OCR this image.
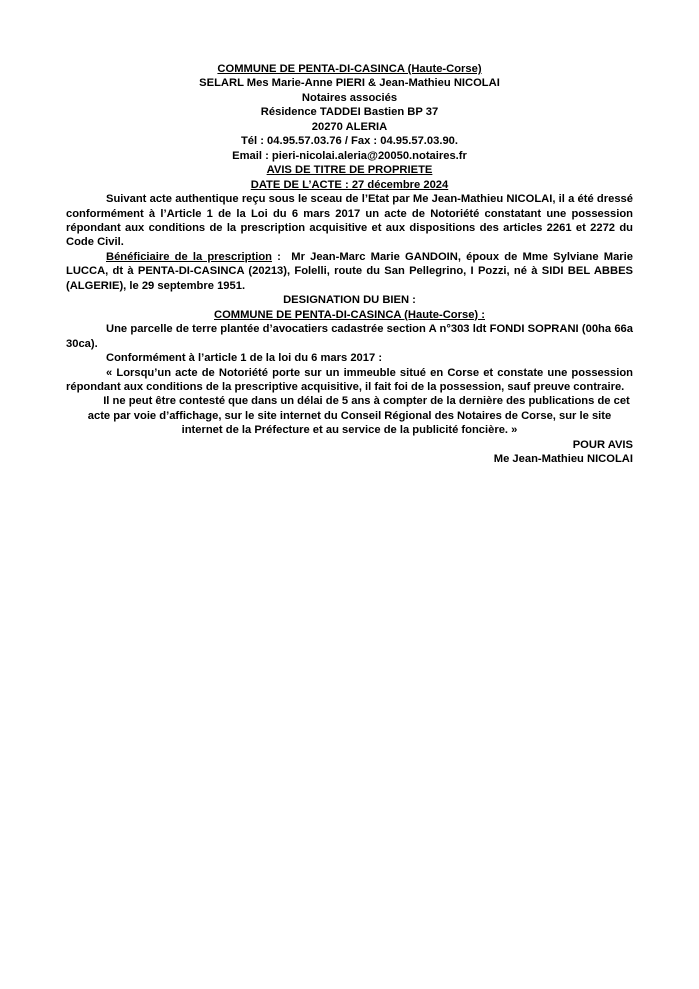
COMMUNE DE PENTA-DI-CASINCA (Haute-Corse)
SELARL Mes Marie-Anne PIERI & Jean-Mathieu NICOLAI
Notaires associés
Résidence TADDEI Bastien BP 37
20270 ALERIA
Tél : 04.95.57.03.76 / Fax : 04.95.57.03.90.
Email : pieri-nicolai.aleria@20050.notaires.fr
AVIS DE TITRE DE PROPRIETE
DATE DE L’ACTE : 27 décembre 2024

Suivant acte authentique reçu sous le sceau de l’Etat par Me Jean-Mathieu NICOLAI, il a été dressé conformément à l’Article 1 de la Loi du 6 mars 2017 un acte de Notoriété constatant une possession répondant aux conditions de la prescription acquisitive et aux dispositions des articles 2261 et 2272 du Code Civil.

Bénéficiaire de la prescription :  Mr Jean-Marc Marie GANDOIN, époux de Mme Sylviane Marie LUCCA, dt à PENTA-DI-CASINCA (20213), Folelli, route du San Pellegrino, I Pozzi, né à SIDI BEL ABBES (ALGERIE), le 29 septembre 1951.

DESIGNATION DU BIEN :
COMMUNE DE PENTA-DI-CASINCA (Haute-Corse) :

Une parcelle de terre plantée d’avocatiers cadastrée section A n°303 ldt FONDI SOPRANI (00ha 66a 30ca).

Conformément à l’article 1 de la loi du 6 mars 2017 :

« Lorsqu’un acte de Notoriété porte sur un immeuble situé en Corse et constate une possession répondant aux conditions de la prescriptive acquisitive, il fait foi de la possession, sauf preuve contraire.

Il ne peut être contesté que dans un délai de 5 ans à compter de la dernière des publications de cet acte par voie d’affichage, sur le site internet du Conseil Régional des Notaires de Corse, sur le site internet de la Préfecture et au service de la publicité foncière. »

POUR AVIS

Me Jean-Mathieu NICOLAI
